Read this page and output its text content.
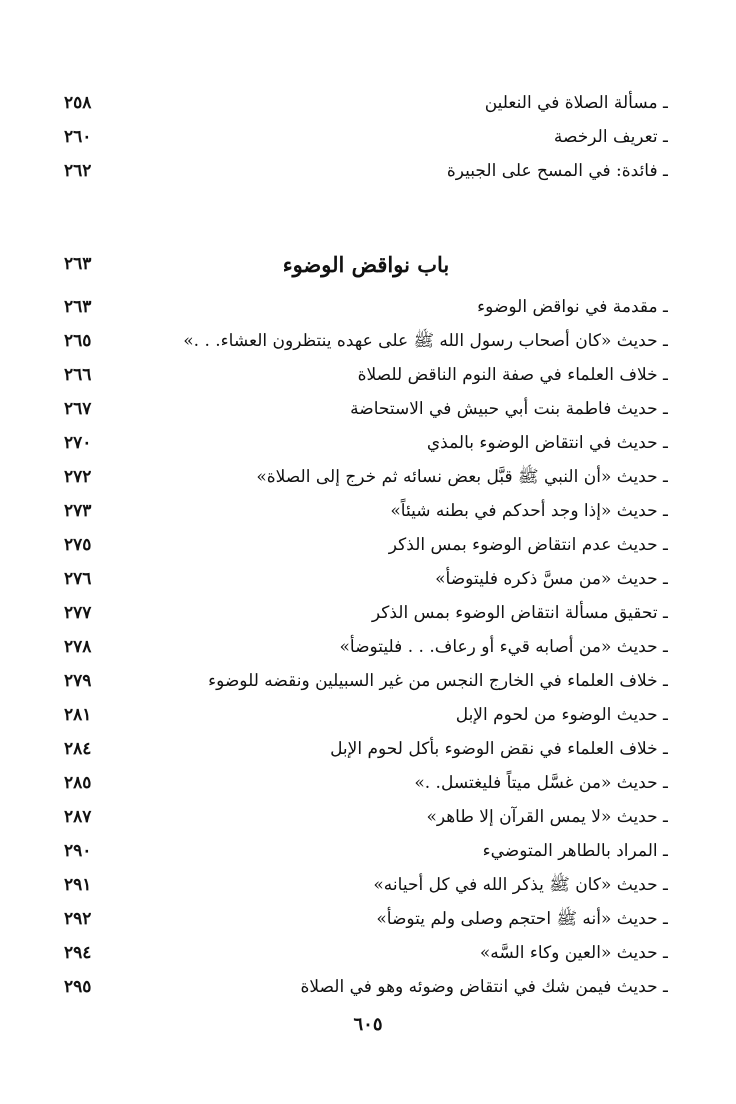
ـ مسألة الصلاة في النعلين
٢٥٨
ـ تعريف الرخصة
٢٦٠
ـ فائدة: في المسح على الجبيرة
٢٦٢
باب نواقض الوضوء
٢٦٣
ـ مقدمة في نواقض الوضوء
٢٦٣
ـ حديث «كان أصحاب رسول الله ﷺ على عهده ينتظرون العشاء. . .»
٢٦٥
ـ خلاف العلماء في صفة النوم الناقض للصلاة
٢٦٦
ـ حديث فاطمة بنت أبي حبيش في الاستحاضة
٢٦٧
ـ حديث في انتقاض الوضوء بالمذي
٢٧٠
ـ حديث «أن النبي ﷺ قبَّل بعض نسائه ثم خرج إلى الصلاة»
٢٧٢
ـ حديث «إذا وجد أحدكم في بطنه شيئاً»
٢٧٣
ـ حديث عدم انتقاض الوضوء بمس الذكر
٢٧٥
ـ حديث «من مسَّ ذكره فليتوضأ»
٢٧٦
ـ تحقيق مسألة انتقاض الوضوء بمس الذكر
٢٧٧
ـ حديث «من أصابه قيء أو رعاف. . . فليتوضأ»
٢٧٨
ـ خلاف العلماء في الخارج النجس من غير السبيلين ونقضه للوضوء
٢٧٩
ـ حديث الوضوء من لحوم الإبل
٢٨١
ـ خلاف العلماء في نقض الوضوء بأكل لحوم الإبل
٢٨٤
ـ حديث «من غسَّل ميتاً فليغتسل. .»
٢٨٥
ـ حديث «لا يمس القرآن إلا طاهر»
٢٨٧
ـ المراد بالطاهر المتوضيء
٢٩٠
ـ حديث «كان ﷺ يذكر الله في كل أحيانه»
٢٩١
ـ حديث «أنه ﷺ احتجم وصلى ولم يتوضأ»
٢٩٢
ـ حديث «العين وكاء السَّه»
٢٩٤
ـ حديث فيمن شك في انتقاض وضوئه وهو في الصلاة
٢٩٥
٦٠٥
